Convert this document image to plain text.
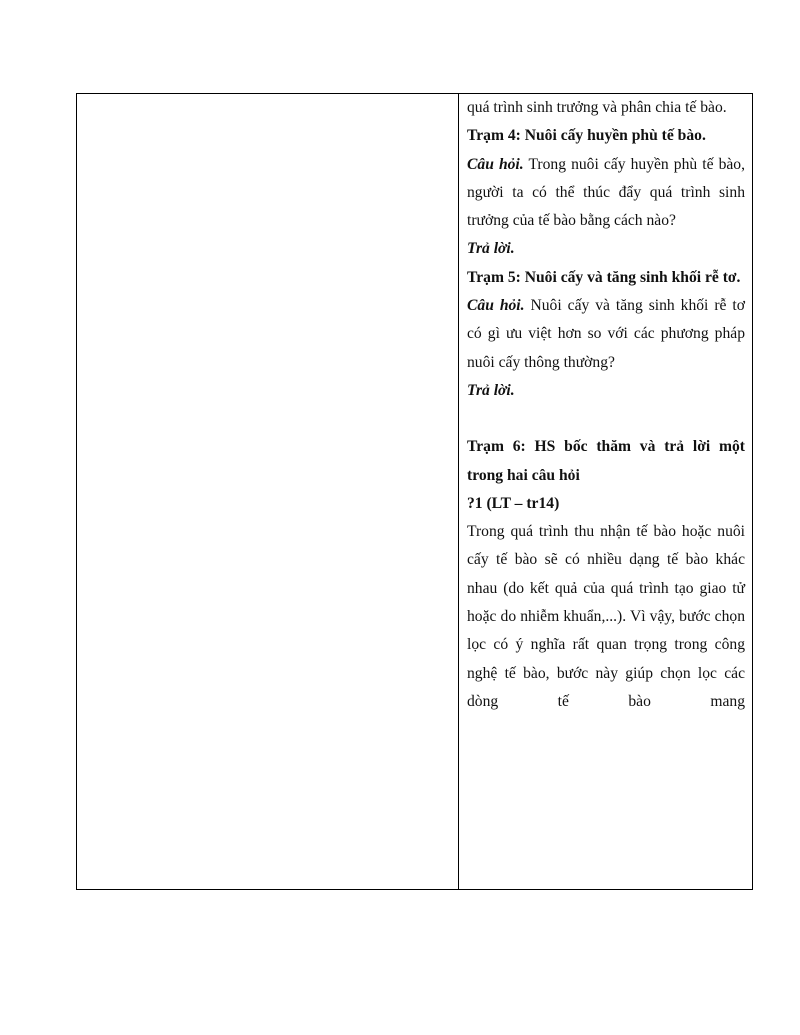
quá trình sinh trưởng và phân chia tế bào.
Trạm 4: Nuôi cấy huyền phù tế bào.
Câu hỏi. Trong nuôi cấy huyền phù tế bào, người ta có thể thúc đẩy quá trình sinh trưởng của tế bào bằng cách nào?
Trả lời.
Trạm 5: Nuôi cấy và tăng sinh khối rễ tơ.
Câu hỏi. Nuôi cấy và tăng sinh khối rễ tơ có gì ưu việt hơn so với các phương pháp nuôi cấy thông thường?
Trả lời.
Trạm 6: HS bốc thăm và trả lời một trong hai câu hỏi
?1 (LT – tr14)
Trong quá trình thu nhận tế bào hoặc nuôi cấy tế bào sẽ có nhiều dạng tế bào khác nhau (do kết quả của quá trình tạo giao tử hoặc do nhiễm khuẩn,...). Vì vậy, bước chọn lọc có ý nghĩa rất quan trọng trong công nghệ tế bào, bước này giúp chọn lọc các dòng tế bào mang
